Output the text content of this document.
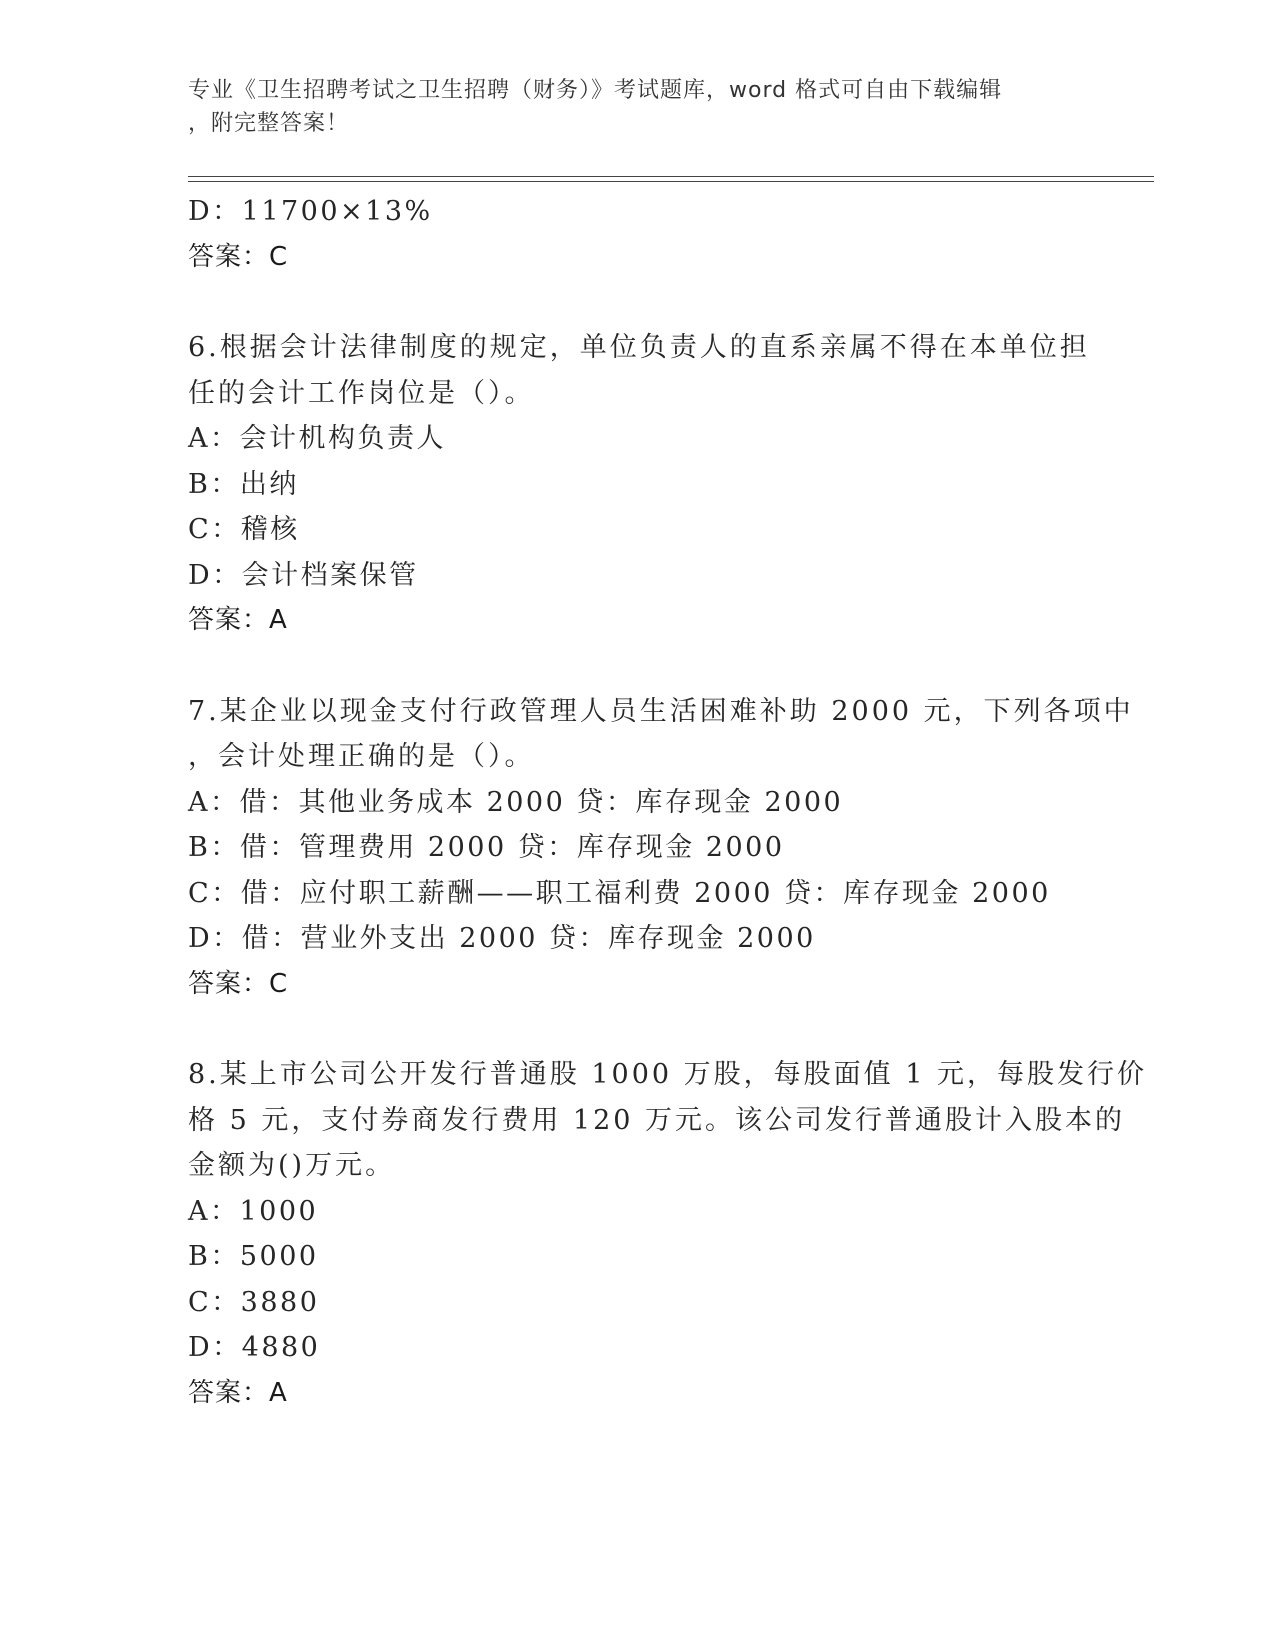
专业《卫生招聘考试之卫生招聘（财务）》考试题库，word 格式可自由下载编辑
，附完整答案！
D：11700×13%
答案：C
6.根据会计法律制度的规定，单位负责人的直系亲属不得在本单位担
任的会计工作岗位是（）。
A：会计机构负责人
B：出纳
C：稽核
D：会计档案保管
答案：A
7.某企业以现金支付行政管理人员生活困难补助 2000 元，下列各项中
，会计处理正确的是（）。
A：借：其他业务成本 2000 贷：库存现金 2000
B：借：管理费用 2000 贷：库存现金 2000
C：借：应付职工薪酬——职工福利费 2000 贷：库存现金 2000
D：借：营业外支出 2000 贷：库存现金 2000
答案：C
8.某上市公司公开发行普通股 1000 万股，每股面值 1 元，每股发行价
格 5 元，支付券商发行费用 120 万元。该公司发行普通股计入股本的
金额为()万元。
A：1000
B：5000
C：3880
D：4880
答案：A
